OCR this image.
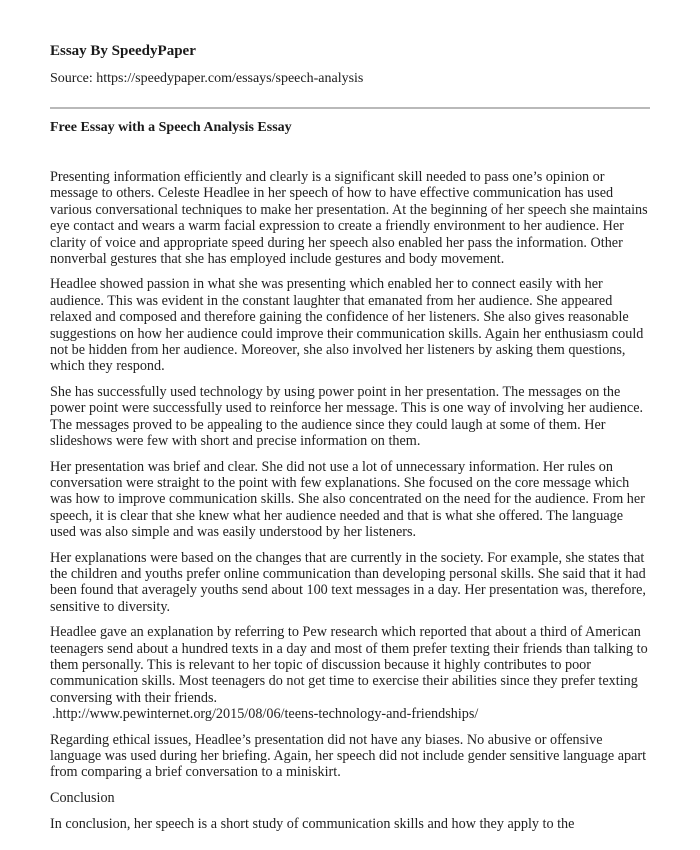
Essay By SpeedyPaper
Source: https://speedypaper.com/essays/speech-analysis
Free Essay with a Speech Analysis Essay

Presenting information efficiently and clearly is a significant skill needed to pass one’s opinion or message to others. Celeste Headlee in her speech of how to have effective communication has used various conversational techniques to make her presentation. At the beginning of her speech she maintains eye contact and wears a warm facial expression to create a friendly environment to her audience. Her clarity of voice and appropriate speed during her speech also enabled her pass the information. Other nonverbal gestures that she has employed include gestures and body movement.

Headlee showed passion in what she was presenting which enabled her to connect easily with her audience. This was evident in the constant laughter that emanated from her audience. She appeared relaxed and composed and therefore gaining the confidence of her listeners. She also gives reasonable suggestions on how her audience could improve their communication skills. Again her enthusiasm could not be hidden from her audience. Moreover, she also involved her listeners by asking them questions, which they respond.

She has successfully used technology by using power point in her presentation. The messages on the power point were successfully used to reinforce her message. This is one way of involving her audience. The messages proved to be appealing to the audience since they could laugh at some of them. Her slideshows were few with short and precise information on them.

Her presentation was brief and clear. She did not use a lot of unnecessary information. Her rules on conversation were straight to the point with few explanations. She focused on the core message which was how to improve communication skills. She also concentrated on the need for the audience. From her speech, it is clear that she knew what her audience needed and that is what she offered. The language used was also simple and was easily understood by her listeners.

Her explanations were based on the changes that are currently in the society. For example, she states that the children and youths prefer online communication than developing personal skills. She said that it had been found that averagely youths send about 100 text messages in a day. Her presentation was, therefore, sensitive to diversity.

Headlee gave an explanation by referring to Pew research which reported that about a third of American teenagers send about a hundred texts in a day and most of them prefer texting their friends than talking to them personally. This is relevant to her topic of discussion because it highly contributes to poor communication skills. Most teenagers do not get time to exercise their abilities since they prefer texting conversing with their friends.

.http://www.pewinternet.org/2015/08/06/teens-technology-and-friendships/

Regarding ethical issues, Headlee’s presentation did not have any biases. No abusive or offensive language was used during her briefing. Again, her speech did not include gender sensitive language apart from comparing a brief conversation to a miniskirt.

Conclusion

In conclusion, her speech is a short study of communication skills and how they apply to the
